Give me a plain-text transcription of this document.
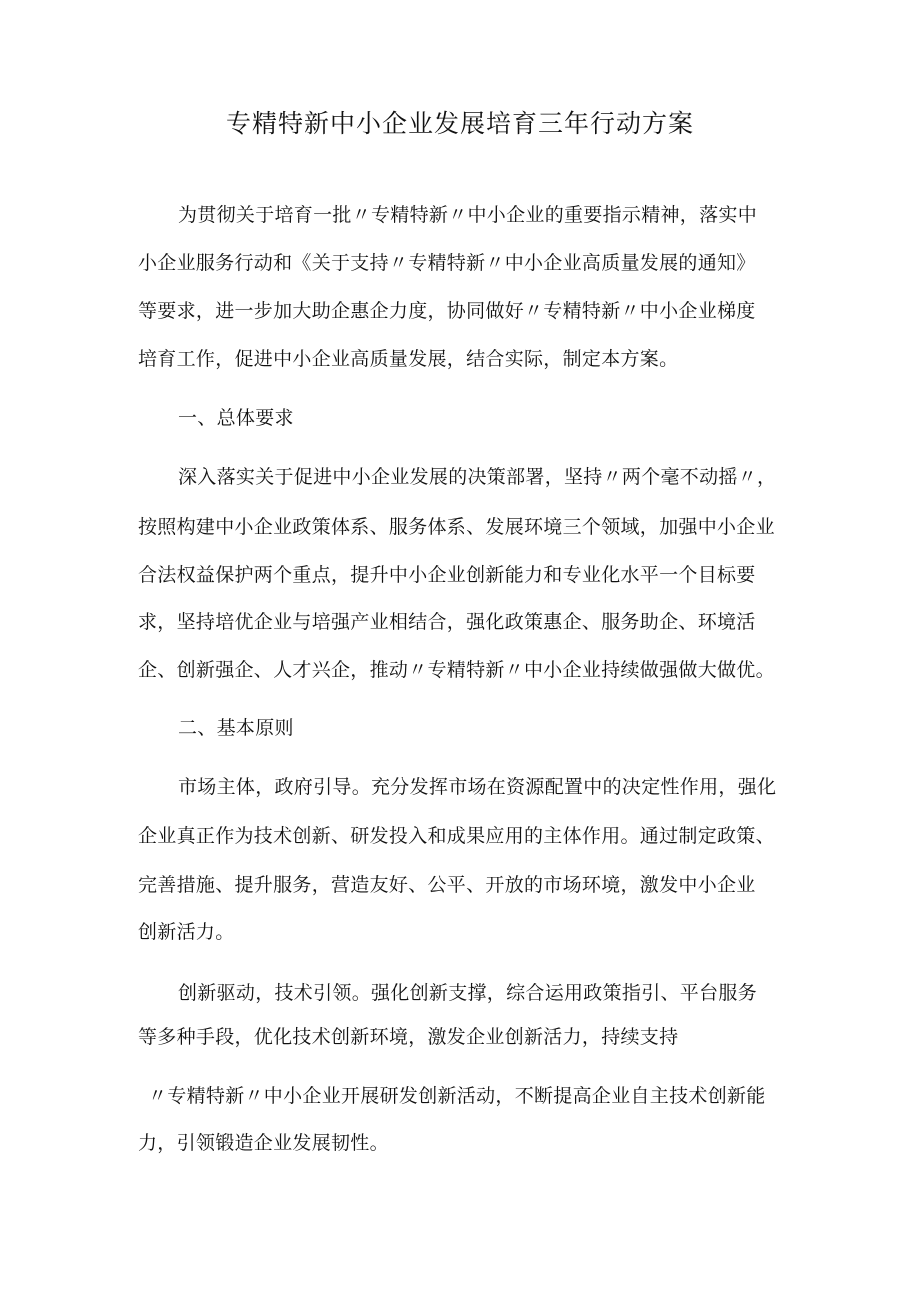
专精特新中小企业发展培育三年行动方案

为贯彻关于培育一批〃专精特新〃中小企业的重要指示精神，落实中

小企业服务行动和《关于支持〃专精特新〃中小企业高质量发展的通知》

等要求，进一步加大助企惠企力度，协同做好〃专精特新〃中小企业梯度

培育工作，促进中小企业高质量发展，结合实际，制定本方案。

一、总体要求

深入落实关于促进中小企业发展的决策部署，坚持〃两个毫不动摇〃，

按照构建中小企业政策体系、服务体系、发展环境三个领域，加强中小企业

合法权益保护两个重点，提升中小企业创新能力和专业化水平一个目标要

求，坚持培优企业与培强产业相结合，强化政策惠企、服务助企、环境活

企、创新强企、人才兴企，推动〃专精特新〃中小企业持续做强做大做优。

二、基本原则

市场主体，政府引导。充分发挥市场在资源配置中的决定性作用，强化

企业真正作为技术创新、研发投入和成果应用的主体作用。通过制定政策、

完善措施、提升服务，营造友好、公平、开放的市场环境，激发中小企业

创新活力。

创新驱动，技术引领。强化创新支撑，综合运用政策指引、平台服务

等多种手段，优化技术创新环境，激发企业创新活力，持续支持

〃专精特新〃中小企业开展研发创新活动，不断提高企业自主技术创新能

力，引领锻造企业发展韧性。
